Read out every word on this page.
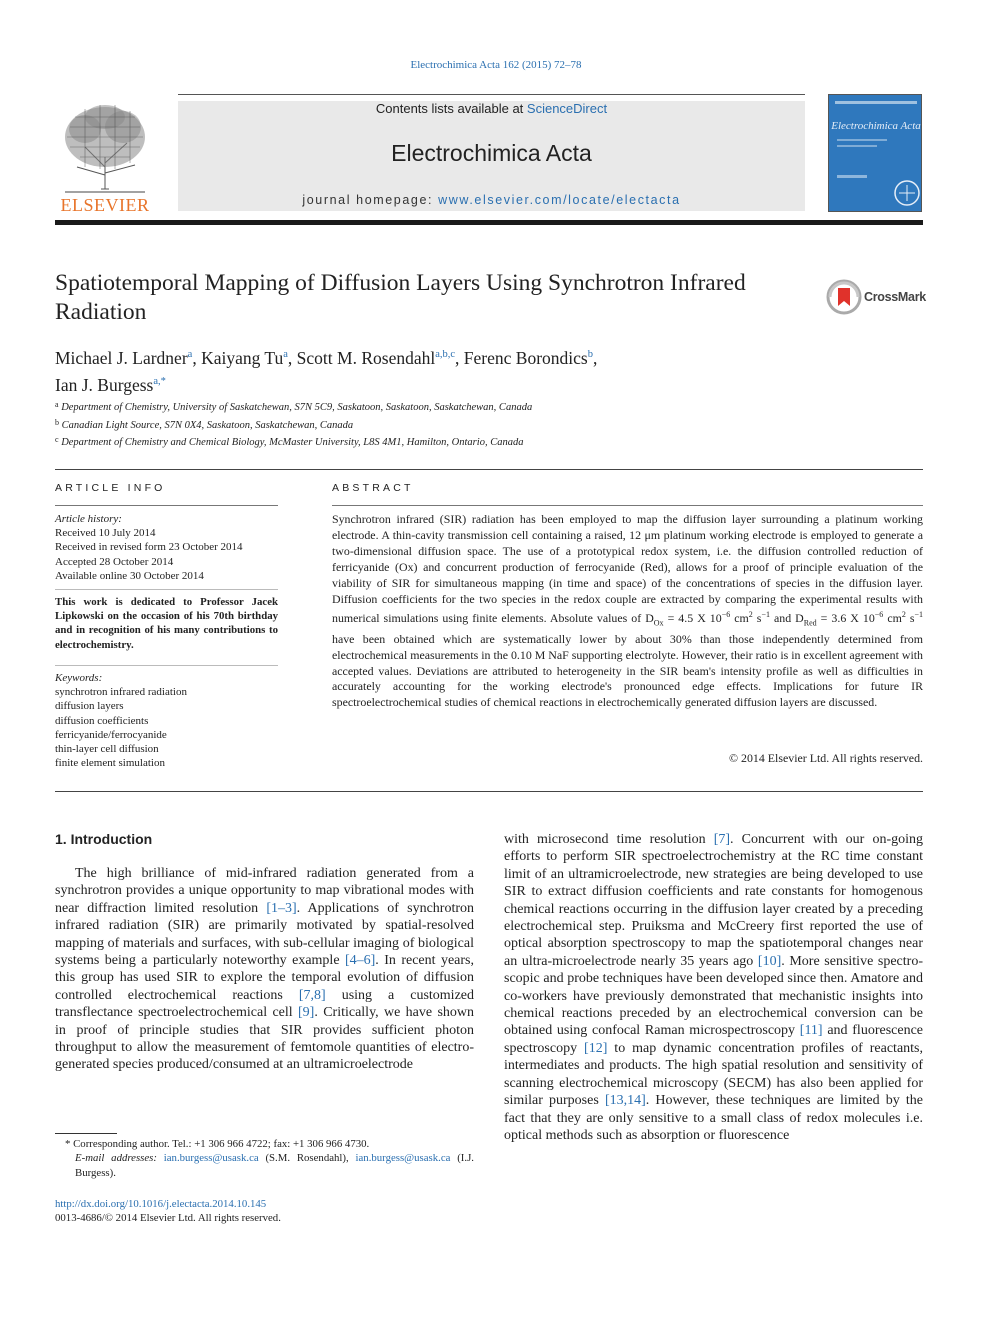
Electrochimica Acta 162 (2015) 72–78
ELSEVIER
Contents lists available at ScienceDirect
Electrochimica Acta
journal homepage: www.elsevier.com/locate/electacta
Electrochimica Acta
Spatiotemporal Mapping of Diffusion Layers Using Synchrotron Infrared Radiation
CrossMark
Michael J. Lardner$^a$, Kaiyang Tu$^a$, Scott M. Rosendahl$^{a,b,c}$, Ferenc Borondics$^b$,
Ian J. Burgess$^{a,*}$
$^a$ Department of Chemistry, University of Saskatchewan, S7N 5C9, Saskatoon, Saskatoon, Saskatchewan, Canada
$^b$ Canadian Light Source, S7N 0X4, Saskatoon, Saskatchewan, Canada
$^c$ Department of Chemistry and Chemical Biology, McMaster University, L8S 4M1, Hamilton, Ontario, Canada
ARTICLE INFO	ABSTRACT
Article history:
Received 10 July 2014
Received in revised form 23 October 2014
Accepted 28 October 2014
Available online 30 October 2014
This work is dedicated to Professor Jacek Lipkowski on the occasion of his 70th birthday and in recognition of his many contributions to electrochemistry.
Keywords:
synchrotron infrared radiation
diffusion layers
diffusion coefficients
ferricyanide/ferrocyanide
thin-layer cell diffusion
finite element simulation
Synchrotron infrared (SIR) radiation has been employed to map the diffusion layer surrounding a platinum working electrode. A thin-cavity transmission cell containing a raised, 12 μm platinum working electrode is employed to generate a two-dimensional diffusion space. The use of a prototypical redox system, i.e. the diffusion controlled reduction of ferricyanide (Ox) and concurrent production of ferrocyanide (Red), allows for a proof of principle evaluation of the viability of SIR for simultaneous mapping (in time and space) of the concentrations of species in the diffusion layer. Diffusion coefficients for the two species in the redox couple are extracted by comparing the experimental results with numerical simulations using finite elements. Absolute values of $D_{Ox} = 4.5$ X $10^{-6}$ $cm^2$ $s^{-1}$ and $D_{Red} = 3.6$ X $10^{-6}$ $cm^2$ $s^{-1}$ have been obtained which are systematically lower by about 30% than those independently determined from electrochemical measurements in the 0.10 M NaF supporting electrolyte. However, their ratio is in excellent agreement with accepted values. Deviations are attributed to heterogeneity in the SIR beam's intensity profile as well as difficulties in accurately accounting for the working electrode's pronounced edge effects. Implications for future IR spectroelectrochemical studies of chemical reactions in electrochemically generated diffusion layers are discussed.
© 2014 Elsevier Ltd. All rights reserved.
1. Introduction
The high brilliance of mid-infrared radiation generated from a synchrotron provides a unique opportunity to map vibrational modes with near diffraction limited resolution [1–3]. Applications of synchrotron infrared radiation (SIR) are primarily motivated by spatial-resolved mapping of materials and surfaces, with sub-cellular imaging of biological systems being a particularly noteworthy example [4–6]. In recent years, this group has used SIR to explore the temporal evolution of diffusion controlled electrochemical reactions [7,8] using a customized transflectance spectroelectrochemical cell [9]. Critically, we have shown in proof of principle studies that SIR provides sufficient photon throughput to allow the measurement of femtomole quantities of electro-generated species produced/consumed at an ultramicroelectrode
with microsecond time resolution [7]. Concurrent with our on-going efforts to perform SIR spectroelectrochemistry at the RC time constant limit of an ultramicroelectrode, new strategies are being developed to use SIR to extract diffusion coefficients and rate constants for homogenous chemical reactions occurring in the diffusion layer created by a preceding electrochemical step. Pruiksma and McCreery first reported the use of optical absorption spectroscopy to map the spatiotemporal changes near an ultra-microelectrode nearly 35 years ago [10]. More sensitive spectro-scopic and probe techniques have been developed since then. Amatore and co-workers have previously demonstrated that mechanistic insights into chemical reactions preceded by an electrochemical conversion can be obtained using confocal Raman microspectroscopy [11] and fluorescence spectroscopy [12] to map dynamic concentration profiles of reactants, intermediates and products. The high spatial resolution and sensitivity of scanning electrochemical microscopy (SECM) has also been applied for similar purposes [13,14]. However, these techniques are limited by the fact that they are only sensitive to a small class of redox molecules i.e. optical methods such as absorption or fluorescence
* Corresponding author. Tel.: +1 306 966 4722; fax: +1 306 966 4730.
E-mail addresses: ian.burgess@usask.ca (S.M. Rosendahl), ian.burgess@usask.ca (I.J. Burgess).
http://dx.doi.org/10.1016/j.electacta.2014.10.145
0013-4686/© 2014 Elsevier Ltd. All rights reserved.
